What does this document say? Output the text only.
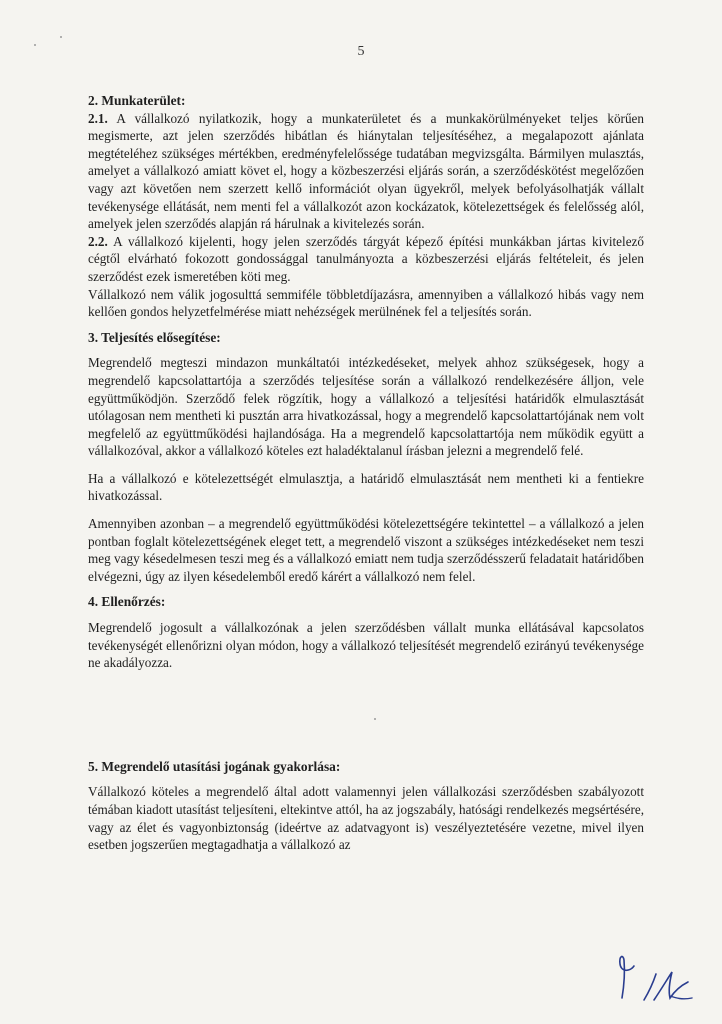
5
2. Munkaterület:

2.1. A vállalkozó nyilatkozik, hogy a munkaterületet és a munkakörülményeket teljes körűen megismerte, azt jelen szerződés hibátlan és hiánytalan teljesítéséhez, a megalapozott ajánlata megtételéhez szükséges mértékben, eredményfelelőssége tudatában megvizsgálta. Bármilyen mulasztás, amelyet a vállalkozó amiatt követ el, hogy a közbeszerzési eljárás során, a szerződéskötést megelőzően vagy azt követően nem szerzett kellő információt olyan ügyekről, melyek befolyásolhatják vállalt tevékenysége ellátását, nem menti fel a vállalkozót azon kockázatok, kötelezettségek és felelősség alól, amelyek jelen szerződés alapján rá hárulnak a kivitelezés során.

2.2. A vállalkozó kijelenti, hogy jelen szerződés tárgyát képező építési munkákban jártas kivitelező cégtől elvárható fokozott gondossággal tanulmányozta a közbeszerzési eljárás feltételeit, és jelen szerződést ezek ismeretében köti meg.

Vállalkozó nem válik jogosulttá semmiféle többletdíjazásra, amennyiben a vállalkozó hibás vagy nem kellően gondos helyzetfelmérése miatt nehézségek merülnének fel a teljesítés során.

3. Teljesítés elősegítése:

Megrendelő megteszi mindazon munkáltatói intézkedéseket, melyek ahhoz szükségesek, hogy a megrendelő kapcsolattartója a szerződés teljesítése során a vállalkozó rendelkezésére álljon, vele együttműködjön. Szerződő felek rögzítik, hogy a vállalkozó a teljesítési határidők elmulasztását utólagosan nem mentheti ki pusztán arra hivatkozással, hogy a megrendelő kapcsolattartójának nem volt megfelelő az együttműködési hajlandósága. Ha a megrendelő kapcsolattartója nem működik együtt a vállalkozóval, akkor a vállalkozó köteles ezt haladéktalanul írásban jelezni a megrendelő felé.

Ha a vállalkozó e kötelezettségét elmulasztja, a határidő elmulasztását nem mentheti ki a fentiekre hivatkozással.

Amennyiben azonban – a megrendelő együttműködési kötelezettségére tekintettel – a vállalkozó a jelen pontban foglalt kötelezettségének eleget tett, a megrendelő viszont a szükséges intézkedéseket nem teszi meg vagy késedelmesen teszi meg és a vállalkozó emiatt nem tudja szerződésszerű feladatait határidőben elvégezni, úgy az ilyen késedelemből eredő kárért a vállalkozó nem felel.

4. Ellenőrzés:

Megrendelő jogosult a vállalkozónak a jelen szerződésben vállalt munka ellátásával kapcsolatos tevékenységét ellenőrizni olyan módon, hogy a vállalkozó teljesítését megrendelő ezirányú tevékenysége ne akadályozza.

5. Megrendelő utasítási jogának gyakorlása:

Vállalkozó köteles a megrendelő által adott valamennyi jelen vállalkozási szerződésben szabályozott témában kiadott utasítást teljesíteni, eltekintve attól, ha az jogszabály, hatósági rendelkezés megsértésére, vagy az élet és vagyonbiztonság (ideértve az adatvagyont is) veszélyeztetésére vezetne, mivel ilyen esetben jogszerűen megtagadhatja a vállalkozó az
